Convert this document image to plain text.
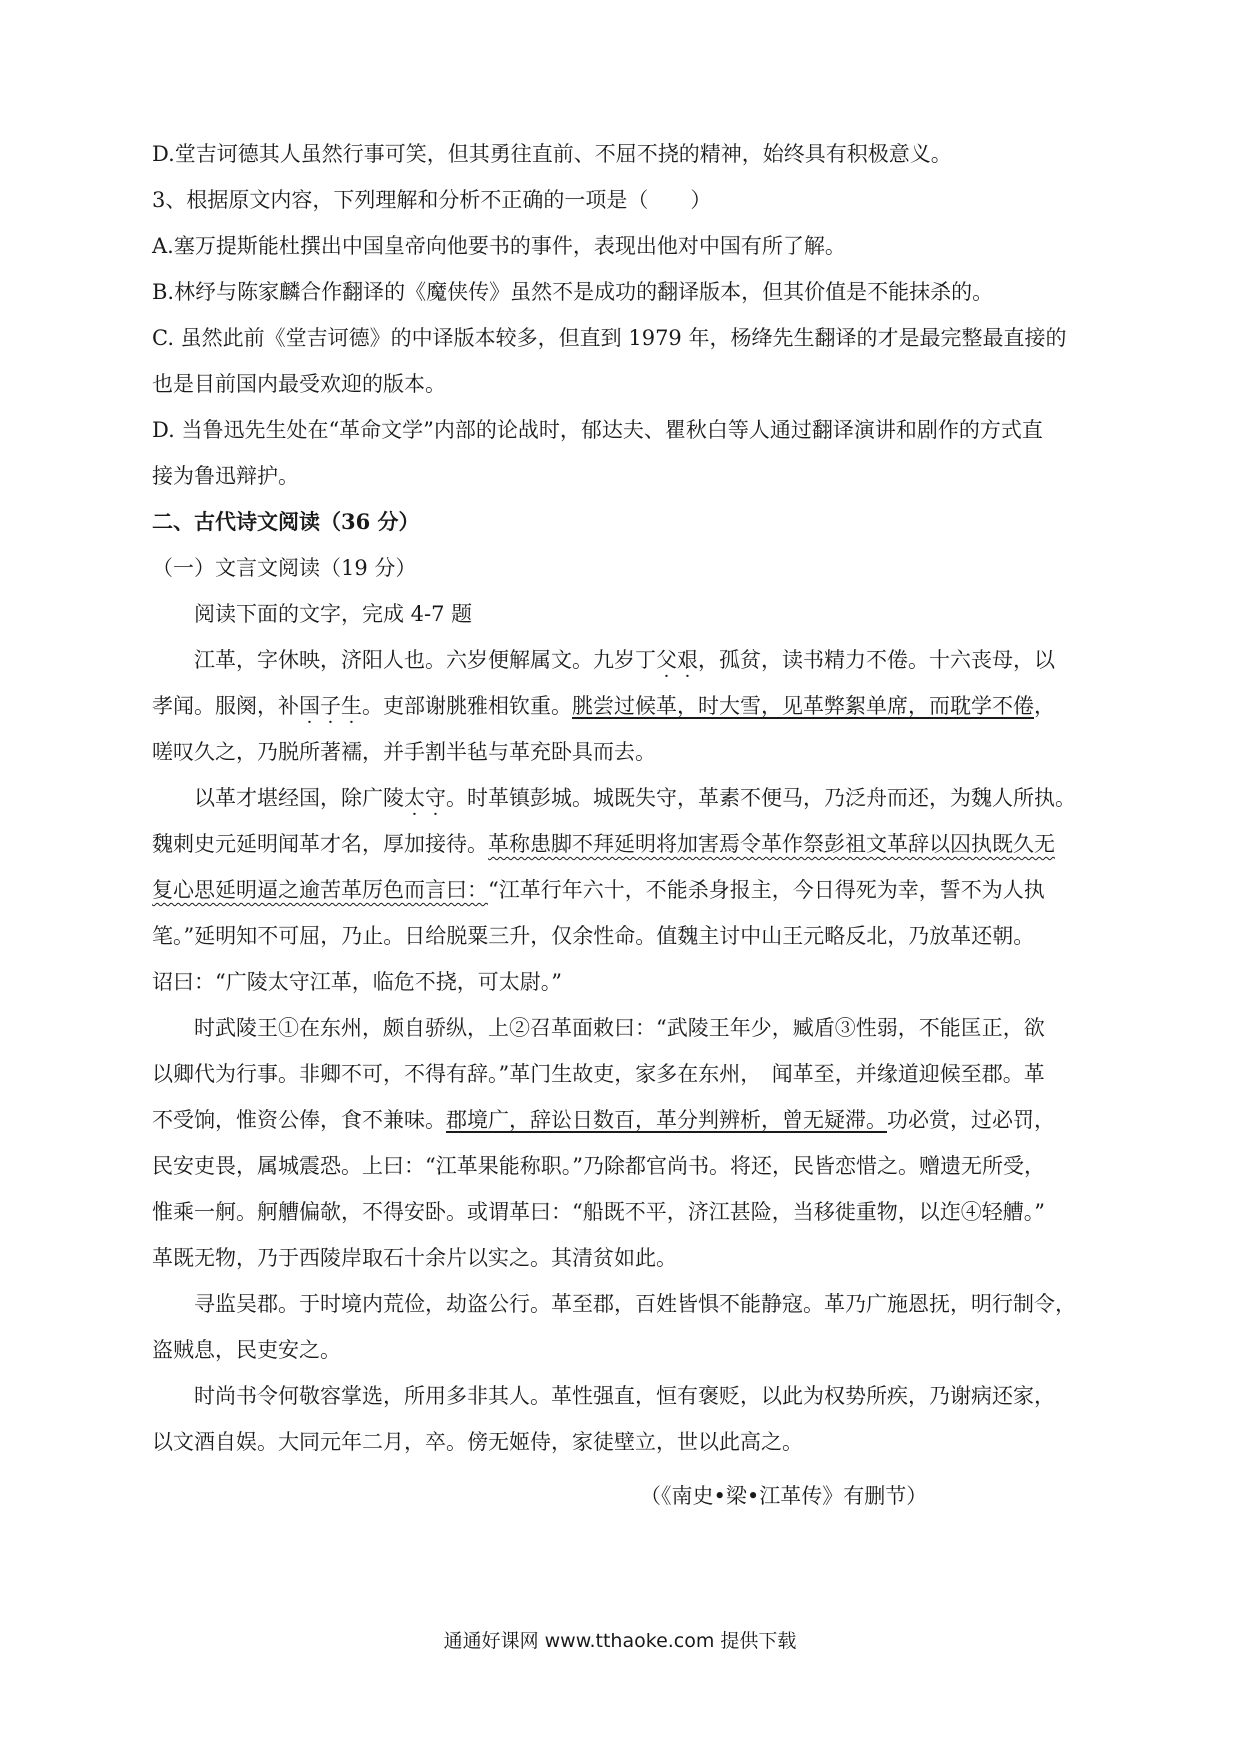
D.堂吉诃德其人虽然行事可笑，但其勇往直前、不屈不挠的精神，始终具有积极意义。
3、根据原文内容，下列理解和分析不正确的一项是（　　）
A.塞万提斯能杜撰出中国皇帝向他要书的事件，表现出他对中国有所了解。
B.林纾与陈家麟合作翻译的《魔侠传》虽然不是成功的翻译版本，但其价值是不能抹杀的。
C. 虽然此前《堂吉诃德》的中译版本较多，但直到 1979 年，杨绛先生翻译的才是最完整最直接的
也是目前国内最受欢迎的版本。
D. 当鲁迅先生处在“革命文学”内部的论战时，郁达夫、瞿秋白等人通过翻译演讲和剧作的方式直
接为鲁迅辩护。
二、古代诗文阅读（36 分）
（一）文言文阅读（19 分）
阅读下面的文字，完成 4-7 题
江革，字休映，济阳人也。六岁便解属文。九岁丁父艰，孤贫，读书精力不倦。十六丧母，以
孝闻。服阕，补国子生。吏部谢朓雅相钦重。朓尝过候革，时大雪，见革弊絮单席，而耽学不倦，
嗟叹久之，乃脱所著襦，并手割半毡与革充卧具而去。
以革才堪经国，除广陵太守。时革镇彭城。城既失守，革素不便马，乃泛舟而还，为魏人所执。
魏刺史元延明闻革才名，厚加接待。革称患脚不拜延明将加害焉令革作祭彭祖文革辞以囚执既久无
复心思延明逼之逾苦革厉色而言曰：“江革行年六十，不能杀身报主，今日得死为幸，誓不为人执
笔。”延明知不可屈，乃止。日给脱粟三升，仅余性命。值魏主讨中山王元略反北，乃放革还朝。
诏曰：“广陵太守江革，临危不挠，可太尉。”
时武陵王①在东州，颇自骄纵，上②召革面敕曰：“武陵王年少，臧盾③性弱，不能匡正，欲
以卿代为行事。非卿不可，不得有辞。”革门生故吏，家多在东州，　闻革至，并缘道迎候至郡。革
不受饷，惟资公俸，食不兼味。郡境广，辞讼日数百，革分判辨析，曾无疑滞。功必赏，过必罚，
民安吏畏，属城震恐。上曰：“江革果能称职。”乃除都官尚书。将还，民皆恋惜之。赠遗无所受，
惟乘一舸。舸艚偏欹，不得安卧。或谓革曰：“船既不平，济江甚险，当移徙重物，以迮④轻艚。”
革既无物，乃于西陵岸取石十余片以实之。其清贫如此。
寻监吴郡。于时境内荒俭，劫盗公行。革至郡，百姓皆惧不能静寇。革乃广施恩抚，明行制令，
盗贼息，民吏安之。
时尚书令何敬容掌选，所用多非其人。革性强直，恒有褒贬，以此为权势所疾，乃谢病还家，
以文酒自娱。大同元年二月，卒。傍无姬侍，家徒壁立，世以此高之。
（《南史•梁•江革传》有删节）
通通好课网 www.tthaoke.com 提供下载
